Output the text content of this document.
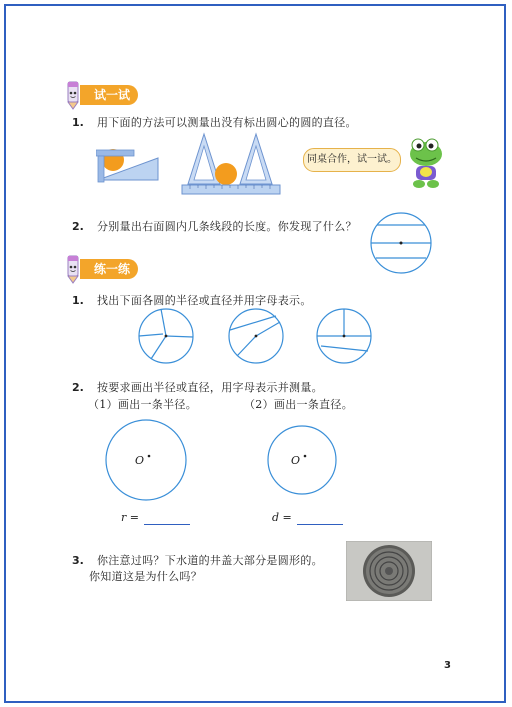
试一试
1. 用下面的方法可以测量出没有标出圆心的圆的直径。
同桌合作，试一试。
2. 分别量出右面圆内几条线段的长度。你发现了什么？
练一练
1. 找出下面各圆的半径或直径并用字母表示。
2. 按要求画出半径或直径，用字母表示并测量。
（1）画出一条半径。	（2）画出一条直径。
O	O
r =	d =
3. 你注意过吗？下水道的井盖大部分是圆形的。
你知道这是为什么吗？
3
